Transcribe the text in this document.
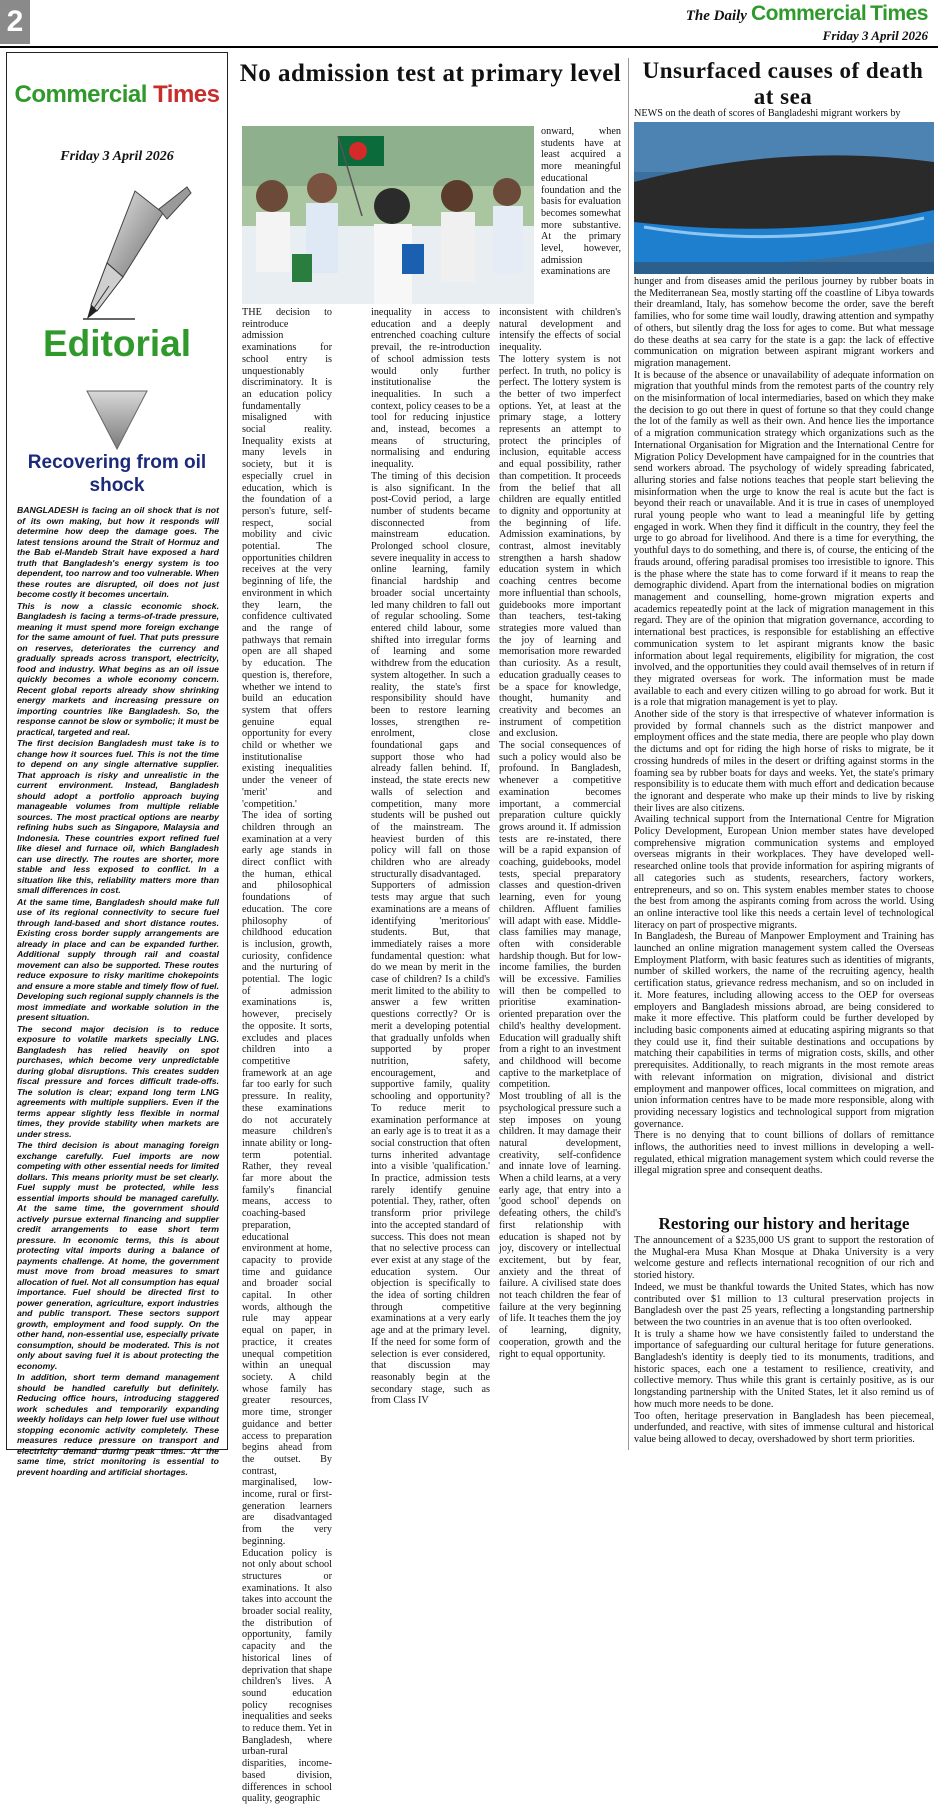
2	The Daily Commercial Times
Friday 3 April 2026
Commercial Times
Friday 3 April 2026
Editorial
Recovering from oil shock

BANGLADESH is facing an oil shock that is not of its own making, but how it responds will determine how deep the damage goes. The latest tensions around the Strait of Hormuz and the Bab el-Mandeb Strait have exposed a hard truth that Bangladesh's energy system is too dependent, too narrow and too vulnerable. When these routes are disrupted, oil does not just become costly it becomes uncertain.

This is now a classic economic shock. Bangladesh is facing a terms-of-trade pressure, meaning it must spend more foreign exchange for the same amount of fuel. That puts pressure on reserves, deteriorates the currency and gradually spreads across transport, electricity, food and industry. What begins as an oil issue quickly becomes a whole economy concern. Recent global reports already show shrinking energy markets and increasing pressure on importing countries like Bangladesh. So, the response cannot be slow or symbolic; it must be practical, targeted and real.

The first decision Bangladesh must take is to change how it sources fuel. This is not the time to depend on any single alternative supplier. That approach is risky and unrealistic in the current environment. Instead, Bangladesh should adopt a portfolio approach buying manageable volumes from multiple reliable sources. The most practical options are nearby refining hubs such as Singapore, Malaysia and Indonesia. These countries export refined fuel like diesel and furnace oil, which Bangladesh can use directly. The routes are shorter, more stable and less exposed to conflict. In a situation like this, reliability matters more than small differences in cost.

At the same time, Bangladesh should make full use of its regional connectivity to secure fuel through land-based and short distance routes. Existing cross border supply arrangements are already in place and can be expanded further. Additional supply through rail and coastal movement can also be supported. These routes reduce exposure to risky maritime chokepoints and ensure a more stable and timely flow of fuel. Developing such regional supply channels is the most immediate and workable solution in the present situation.

The second major decision is to reduce exposure to volatile markets specially LNG. Bangladesh has relied heavily on spot purchases, which become very unpredictable during global disruptions. This creates sudden fiscal pressure and forces difficult trade-offs. The solution is clear; expand long term LNG agreements with multiple suppliers. Even if the terms appear slightly less flexible in normal times, they provide stability when markets are under stress.

The third decision is about managing foreign exchange carefully. Fuel imports are now competing with other essential needs for limited dollars. This means priority must be set clearly. Fuel supply must be protected, while less essential imports should be managed carefully. At the same time, the government should actively pursue external financing and supplier credit arrangements to ease short term pressure. In economic terms, this is about protecting vital imports during a balance of payments challenge. At home, the government must move from broad measures to smart allocation of fuel. Not all consumption has equal importance. Fuel should be directed first to power generation, agriculture, export industries and public transport. These sectors support growth, employment and food supply. On the other hand, non-essential use, especially private consumption, should be moderated. This is not only about saving fuel it is about protecting the economy.

In addition, short term demand management should be handled carefully but definitely. Reducing office hours, introducing staggered work schedules and temporarily expanding weekly holidays can help lower fuel use without stopping economic activity completely. These measures reduce pressure on transport and electricity demand during peak times. At the same time, strict monitoring is essential to prevent hoarding and artificial shortages.

No admission test at primary level
onward, when students have at least acquired a more meaningful educational foundation and the basis for evaluation becomes somewhat more substantive. At the primary level, however, admission examinations are

THE decision to reintroduce admission examinations for school entry is unquestionably discriminatory. It is an education policy fundamentally misaligned with social reality. Inequality exists at many levels in society, but it is especially cruel in education, which is the foundation of a person's future, self-respect, social mobility and civic potential. The opportunities children receives at the very beginning of life, the environment in which they learn, the confidence cultivated and the range of pathways that remain open are all shaped by education. The question is, therefore, whether we intend to build an education system that offers genuine equal opportunity for every child or whether we institutionalise existing inequalities under the veneer of 'merit' and 'competition.'

The idea of sorting children through an examination at a very early age stands in direct conflict with the human, ethical and philosophical foundations of education. The core philosophy of childhood education is inclusion, growth, curiosity, confidence and the nurturing of potential. The logic of admission examinations is, however, precisely the opposite. It sorts, excludes and places children into a competitive framework at an age far too early for such pressure. In reality, these examinations do not accurately measure children's innate ability or long-term potential. Rather, they reveal far more about the family's financial means, access to coaching-based preparation, educational environment at home, capacity to provide time and guidance and broader social capital. In other words, although the rule may appear equal on paper, in practice, it creates unequal competition within an unequal society. A child whose family has greater resources, more time, stronger guidance and better access to preparation begins ahead from the outset. By contrast, marginalised, low-income, rural or first-generation learners are disadvantaged from the very beginning.

Education policy is not only about school structures or examinations. It also takes into account the broader social reality, the distribution of opportunity, family capacity and the historical lines of deprivation that shape children's lives. A sound education policy recognises inequalities and seeks to reduce them. Yet in Bangladesh, where urban-rural disparities, income-based division, differences in school quality, geographic

inequality in access to education and a deeply entrenched coaching culture prevail, the re-introduction of school admission tests would only further institutionalise the inequalities. In such a context, policy ceases to be a tool for reducing injustice and, instead, becomes a means of structuring, normalising and enduring inequality.

The timing of this decision is also significant. In the post-Covid period, a large number of students became disconnected from mainstream education. Prolonged school closure, severe inequality in access to online learning, family financial hardship and broader social uncertainty led many children to fall out of regular schooling. Some entered child labour, some shifted into irregular forms of learning and some withdrew from the education system altogether. In such a reality, the state's first responsibility should have been to restore learning losses, strengthen re-enrolment, close foundational gaps and support those who had already fallen behind. If, instead, the state erects new walls of selection and competition, many more students will be pushed out of the mainstream. The heaviest burden of this policy will fall on those children who are already structurally disadvantaged.

Supporters of admission tests may argue that such examinations are a means of identifying 'meritorious' students. But, that immediately raises a more fundamental question: what do we mean by merit in the case of children? Is a child's merit limited to the ability to answer a few written questions correctly? Or is merit a developing potential that gradually unfolds when supported by proper nutrition, safety, encouragement, and supportive family, quality schooling and opportunity? To reduce merit to examination performance at an early age is to treat it as a social construction that often turns inherited advantage into a visible 'qualification.' In practice, admission tests rarely identify genuine potential. They, rather, often transform prior privilege into the accepted standard of success. This does not mean that no selective process can ever exist at any stage of the education system. Our objection is specifically to the idea of sorting children through competitive examinations at a very early age and at the primary level. If the need for some form of selection is ever considered, that discussion may reasonably begin at the secondary stage, such as from Class IV

inconsistent with children's natural development and intensify the effects of social inequality.

The lottery system is not perfect. In truth, no policy is perfect. The lottery system is the better of two imperfect options. Yet, at least at the primary stage, a lottery represents an attempt to protect the principles of inclusion, equitable access and equal possibility, rather than competition. It proceeds from the belief that all children are equally entitled to dignity and opportunity at the beginning of life. Admission examinations, by contrast, almost inevitably strengthen a harsh shadow education system in which coaching centres become more influential than schools, guidebooks more important than teachers, test-taking strategies more valued than the joy of learning and memorisation more rewarded than curiosity. As a result, education gradually ceases to be a space for knowledge, thought, humanity and creativity and becomes an instrument of competition and exclusion.

The social consequences of such a policy would also be profound. In Bangladesh, whenever a competitive examination becomes important, a commercial preparation culture quickly grows around it. If admission tests are re-instated, there will be a rapid expansion of coaching, guidebooks, model tests, special preparatory classes and question-driven learning, even for young children. Affluent families will adapt with ease. Middle-class families may manage, often with considerable hardship though. But for low-income families, the burden will be excessive. Families will then be compelled to prioritise examination-oriented preparation over the child's healthy development. Education will gradually shift from a right to an investment and childhood will become captive to the marketplace of competition.

Most troubling of all is the psychological pressure such a step imposes on young children. It may damage their natural development, creativity, self-confidence and innate love of learning. When a child learns, at a very early age, that entry into a 'good school' depends on defeating others, the child's first relationship with education is shaped not by joy, discovery or intellectual excitement, but by fear, anxiety and the threat of failure. A civilised state does not teach children the fear of failure at the very beginning of life. It teaches them the joy of learning, dignity, cooperation, growth and the right to equal opportunity.

Unsurfaced causes of death at sea
NEWS on the death of scores of Bangladeshi migrant workers by

hunger and from diseases amid the perilous journey by rubber boats in the Mediterranean Sea, mostly starting off the coastline of Libya towards their dreamland, Italy, has somehow become the order, save the bereft families, who for some time wail loudly, drawing attention and sympathy of others, but silently drag the loss for ages to come. But what message do these deaths at sea carry for the state is a gap: the lack of effective communication on migration between aspirant migrant workers and migration management.

It is because of the absence or unavailability of adequate information on migration that youthful minds from the remotest parts of the country rely on the misinformation of local intermediaries, based on which they make the decision to go out there in quest of fortune so that they could change the lot of the family as well as their own. And hence lies the importance of a migration communication strategy which organizations such as the International Organisation for Migration and the International Centre for Migration Policy Development have campaigned for in the countries that send workers abroad. The psychology of widely spreading fabricated, alluring stories and false notions teaches that people start believing the misinformation when the urge to know the real is acute but the fact is beyond their reach or unavailable. And it is true in cases of unemployed rural young people who want to lead a meaningful life by getting engaged in work. When they find it difficult in the country, they feel the urge to go abroad for livelihood. And there is a time for everything, the youthful days to do something, and there is, of course, the enticing of the frauds around, offering paradisal promises too irresistible to ignore. This is the phase where the state has to come forward if it means to reap the demographic dividend. Apart from the international bodies on migration management and counselling, home-grown migration experts and academics repeatedly point at the lack of migration management in this regard. They are of the opinion that migration governance, according to international best practices, is responsible for establishing an effective communication system to let aspirant migrants know the basic information about legal requirements, eligibility for migration, the cost involved, and the opportunities they could avail themselves of in return if they migrated overseas for work. The information must be made available to each and every citizen willing to go abroad for work. But it is a role that migration management is yet to play.

Another side of the story is that irrespective of whatever information is provided by formal channels such as the district manpower and employment offices and the state media, there are people who play down the dictums and opt for riding the high horse of risks to migrate, be it crossing hundreds of miles in the desert or drifting against storms in the foaming sea by rubber boats for days and weeks. Yet, the state's primary responsibility is to educate them with much effort and dedication because the ignorant and desperate who make up their minds to live by risking their lives are also citizens.

Availing technical support from the International Centre for Migration Policy Development, European Union member states have developed comprehensive migration communication systems and employed overseas migrants in their workplaces. They have developed well-researched online tools that provide information for aspiring migrants of all categories such as students, researchers, factory workers, entrepreneurs, and so on. This system enables member states to choose the best from among the aspirants coming from across the world. Using an online interactive tool like this needs a certain level of technological literacy on part of prospective migrants.

In Bangladesh, the Bureau of Manpower Employment and Training has launched an online migration management system called the Overseas Employment Platform, with basic features such as identities of migrants, number of skilled workers, the name of the recruiting agency, health certification status, grievance redress mechanism, and so on included in it. More features, including allowing access to the OEP for overseas employers and Bangladesh missions abroad, are being considered to make it more effective. This platform could be further developed by including basic components aimed at educating aspiring migrants so that they could use it, find their suitable destinations and occupations by matching their capabilities in terms of migration costs, skills, and other prerequisites. Additionally, to reach migrants in the most remote areas with relevant information on migration, divisional and district employment and manpower offices, local committees on migration, and union information centres have to be made more responsible, along with providing necessary logistics and technological support from migration governance.

There is no denying that to count billions of dollars of remittance inflows, the authorities need to invest millions in developing a well-regulated, ethical migration management system which could reverse the illegal migration spree and consequent deaths.

Restoring our history and heritage

The announcement of a $235,000 US grant to support the restoration of the Mughal-era Musa Khan Mosque at Dhaka University is a very welcome gesture and reflects international recognition of our rich and storied history.

Indeed, we must be thankful towards the United States, which has now contributed over $1 million to 13 cultural preservation projects in Bangladesh over the past 25 years, reflecting a longstanding partnership between the two countries in an avenue that is too often overlooked.

It is truly a shame how we have consistently failed to understand the importance of safeguarding our cultural heritage for future generations. Bangladesh's identity is deeply tied to its monuments, traditions, and historic spaces, each one a testament to resilience, creativity, and collective memory. Thus while this grant is certainly positive, as is our longstanding partnership with the United States, let it also remind us of how much more needs to be done.

Too often, heritage preservation in Bangladesh has been piecemeal, underfunded, and reactive, with sites of immense cultural and historical value being allowed to decay, overshadowed by short term priorities.
